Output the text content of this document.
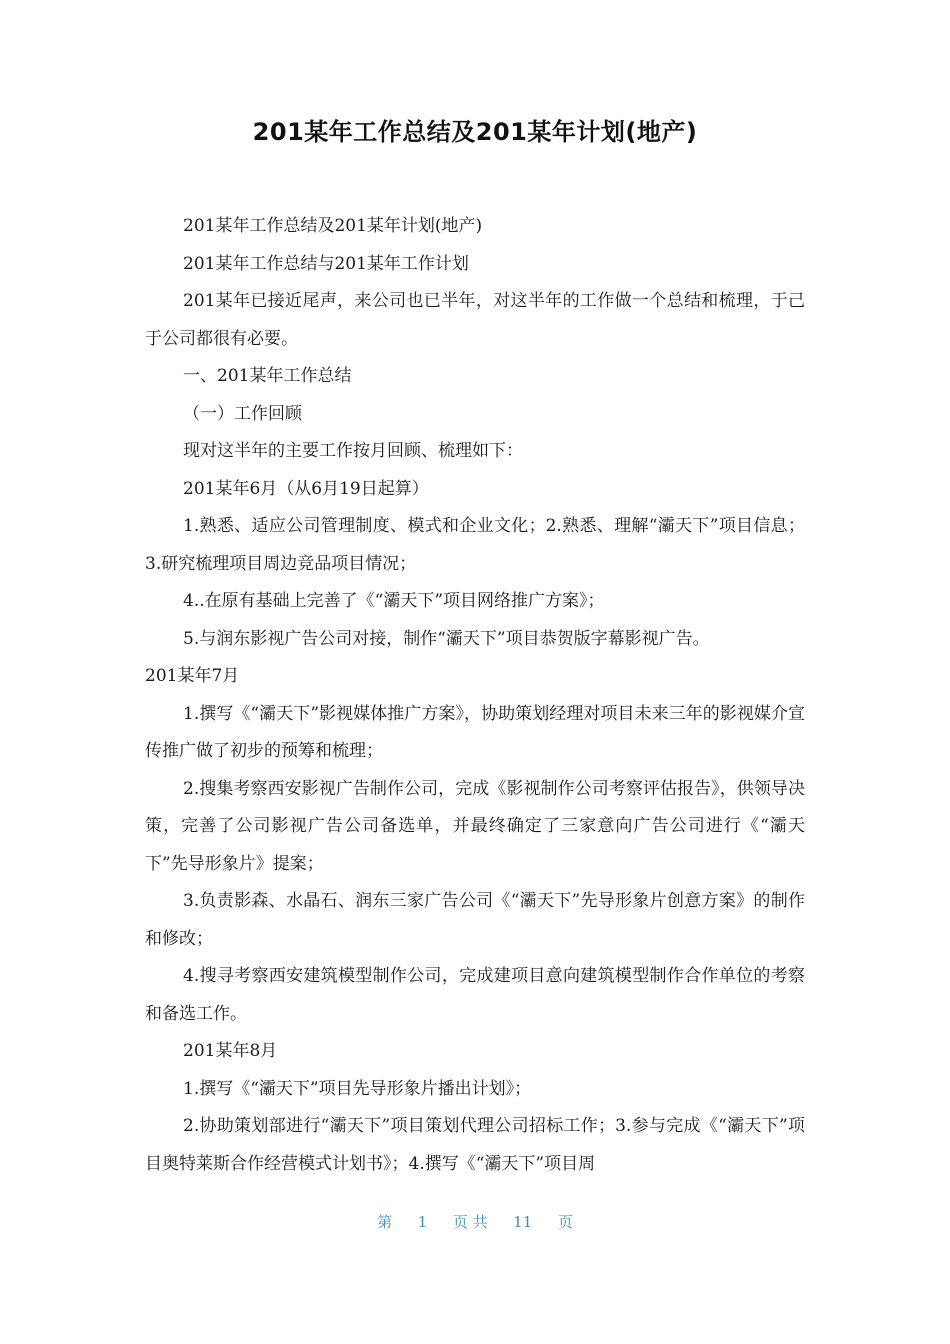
201某年工作总结及201某年计划(地产)

201某年工作总结及201某年计划(地产)

201某年工作总结与201某年工作计划

201某年已接近尾声，来公司也已半年，对这半年的工作做一个总结和梳理，于己于公司都很有必要。

一、201某年工作总结

（一）工作回顾

现对这半年的主要工作按月回顾、梳理如下：

201某年6月（从6月19日起算）

1.熟悉、适应公司管理制度、模式和企业文化；2.熟悉、理解“灞天下”项目信息；3.研究梳理项目周边竞品项目情况；

4..在原有基础上完善了《“灞天下”项目网络推广方案》；

5.与润东影视广告公司对接，制作“灞天下”项目恭贺版字幕影视广告。

201某年7月

1.撰写《“灞天下”影视媒体推广方案》，协助策划经理对项目未来三年的影视媒介宣传推广做了初步的预筹和梳理；

2.搜集考察西安影视广告制作公司，完成《影视制作公司考察评估报告》，供领导决策，完善了公司影视广告公司备选单，并最终确定了三家意向广告公司进行《“灞天下”先导形象片》提案；

3.负责影森、水晶石、润东三家广告公司《“灞天下”先导形象片创意方案》的制作和修改；

4.搜寻考察西安建筑模型制作公司，完成建项目意向建筑模型制作合作单位的考察和备选工作。

201某年8月

1.撰写《“灞天下”项目先导形象片播出计划》；

2.协助策划部进行“灞天下”项目策划代理公司招标工作；3.参与完成《“灞天下”项目奥特莱斯合作经营模式计划书》；4.撰写《“灞天下”项目周

第 1 页 共 11 页
